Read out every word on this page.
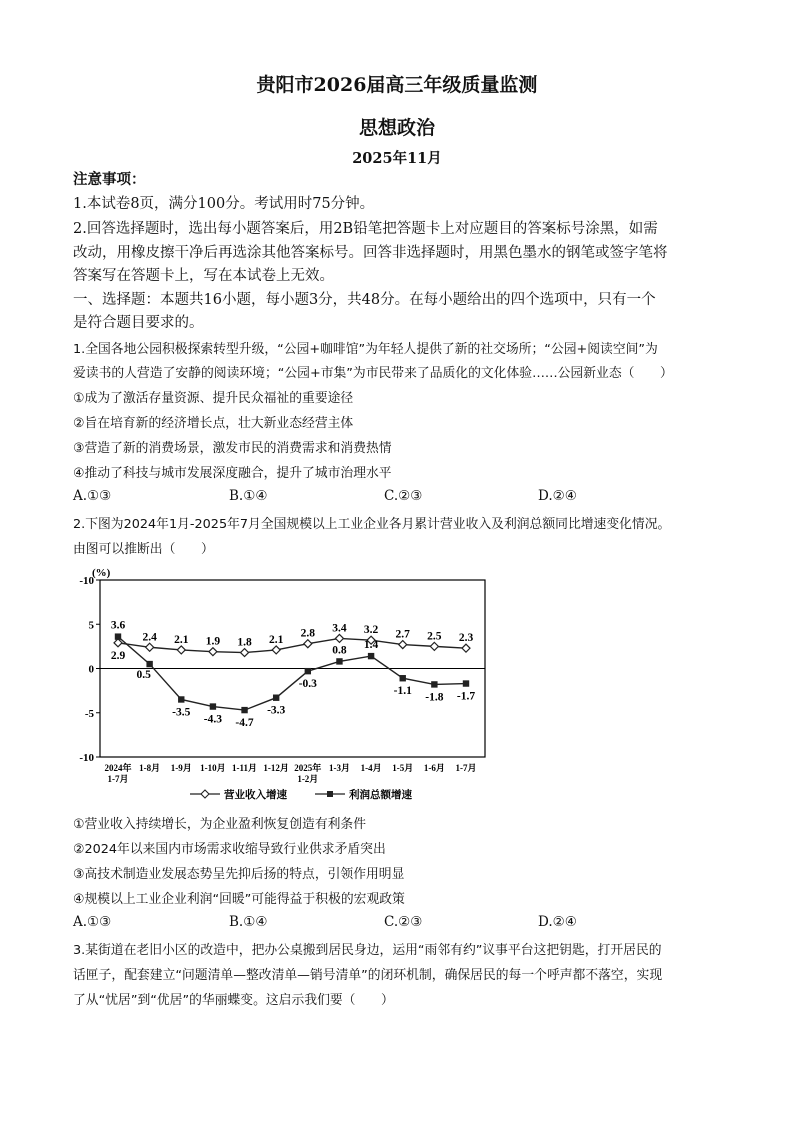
贵阳市2026届高三年级质量监测
思想政治
2025年11月
注意事项：
1.本试卷8页，满分100分。考试用时75分钟。
2.回答选择题时，选出每小题答案后，用2B铅笔把答题卡上对应题目的答案标号涂黑，如需
改动，用橡皮擦干净后再选涂其他答案标号。回答非选择题时，用黑色墨水的钢笔或签字笔将
答案写在答题卡上，写在本试卷上无效。
一、选择题：本题共16小题，每小题3分，共48分。在每小题给出的四个选项中，只有一个
是符合题目要求的。
1.全国各地公园积极探索转型升级，“公园+咖啡馆”为年轻人提供了新的社交场所；“公园+阅读空间”为
爱读书的人营造了安静的阅读环境；“公园+市集”为市民带来了品质化的文化体验……公园新业态（　　）
①成为了激活存量资源、提升民众福祉的重要途径
②旨在培育新的经济增长点，壮大新业态经营主体
③营造了新的消费场景，激发市民的消费需求和消费热情
④推动了科技与城市发展深度融合，提升了城市治理水平
A.①③	B.①④	C.②③	D.②④
2.下图为2024年1月-2025年7月全国规模以上工业企业各月累计营业收入及利润总额同比增速变化情况。
由图可以推断出（　　）
-10
5
0
-5
-10
(%)
2024年 1-7月
1-8月 1-9月 1-10月 1-11月 1-12月 2025年 1-2月
1-3月 1-4月 1-5月 1-6月 1-7月
2.9
2.4 2.1 1.9 1.8 2.1
2.8 3.4 3.2 2.7 2.5 2.3
3.6
0.5
-3.5
-4.3 -4.7
-3.3
-0.3
0.8 1.4
-1.1
-1.8 -1.7
营业收入增速	利润总额增速
①营业收入持续增长，为企业盈利恢复创造有利条件
②2024年以来国内市场需求收缩导致行业供求矛盾突出
③高技术制造业发展态势呈先抑后扬的特点，引领作用明显
④规模以上工业企业利润“回暖”可能得益于积极的宏观政策
A.①③	B.①④	C.②③	D.②④
3.某街道在老旧小区的改造中，把办公桌搬到居民身边，运用“雨邻有约”议事平台这把钥匙，打开居民的
话匣子，配套建立“问题清单—整改清单—销号清单”的闭环机制，确保居民的每一个呼声都不落空，实现
了从“忧居”到“优居”的华丽蝶变。这启示我们要（　　）
